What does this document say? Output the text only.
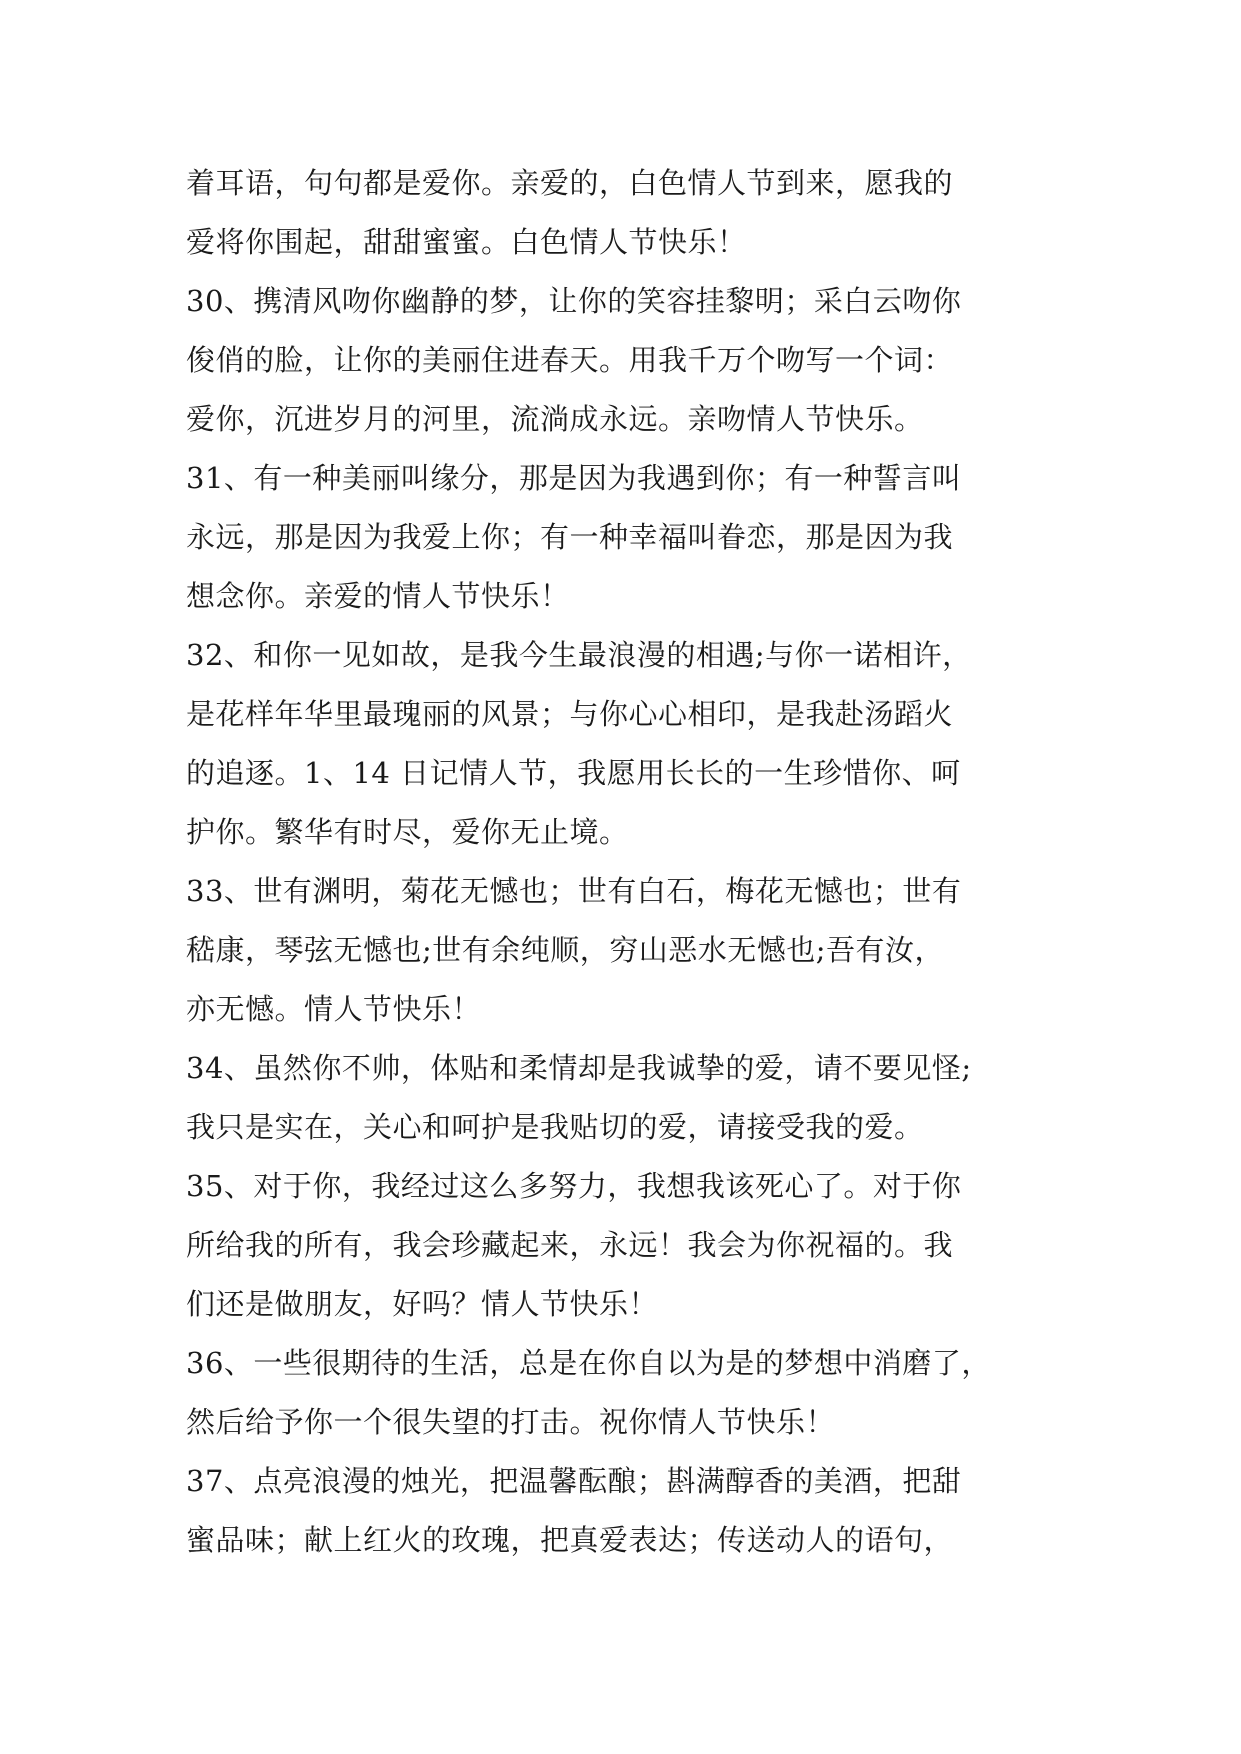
着耳语，句句都是爱你。亲爱的，白色情人节到来，愿我的
爱将你围起，甜甜蜜蜜。白色情人节快乐！
30、携清风吻你幽静的梦，让你的笑容挂黎明；采白云吻你
俊俏的脸，让你的美丽住进春天。用我千万个吻写一个词：
爱你，沉进岁月的河里，流淌成永远。亲吻情人节快乐。
31、有一种美丽叫缘分，那是因为我遇到你；有一种誓言叫
永远，那是因为我爱上你；有一种幸福叫眷恋，那是因为我
想念你。亲爱的情人节快乐！
32、和你一见如故，是我今生最浪漫的相遇;与你一诺相许，
是花样年华里最瑰丽的风景；与你心心相印，是我赴汤蹈火
的追逐。1、14 日记情人节，我愿用长长的一生珍惜你、呵
护你。繁华有时尽，爱你无止境。
33、世有渊明，菊花无憾也；世有白石，梅花无憾也；世有
嵇康，琴弦无憾也;世有余纯顺，穷山恶水无憾也;吾有汝，
亦无憾。情人节快乐！
34、虽然你不帅，体贴和柔情却是我诚挚的爱，请不要见怪;
我只是实在，关心和呵护是我贴切的爱，请接受我的爱。
35、对于你，我经过这么多努力，我想我该死心了。对于你
所给我的所有，我会珍藏起来，永远！我会为你祝福的。我
们还是做朋友，好吗？情人节快乐！
36、一些很期待的生活，总是在你自以为是的梦想中消磨了，
然后给予你一个很失望的打击。祝你情人节快乐！
37、点亮浪漫的烛光，把温馨酝酿；斟满醇香的美酒，把甜
蜜品味；献上红火的玫瑰，把真爱表达；传送动人的语句，
